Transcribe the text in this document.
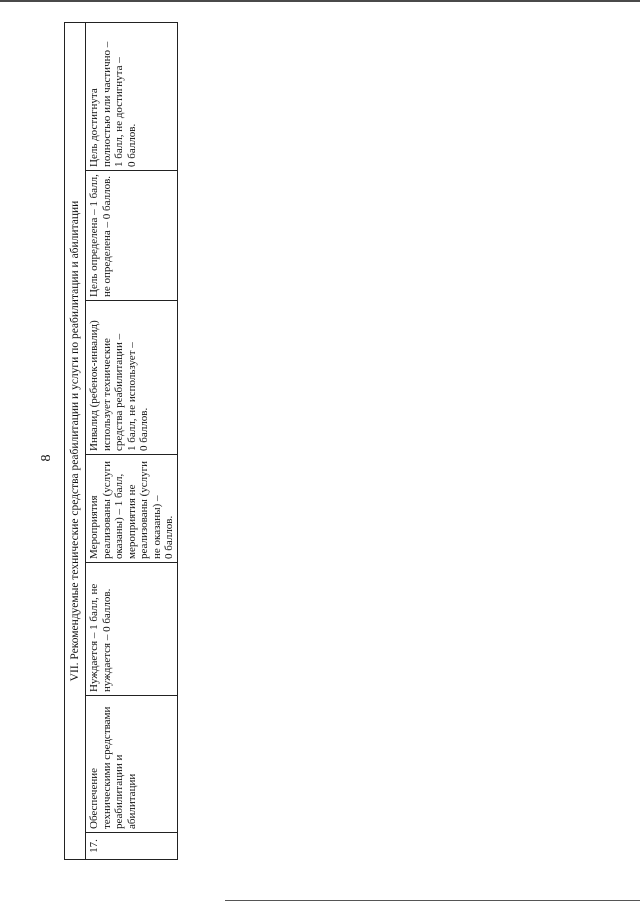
8	VII. Рекомендуемые технические средства реабилитации и услуги по реабилитации и абилитации
17.
Обеспечение
техническими средствами
реабилитации и
абилитации
Нуждается – 1 балл, не
нуждается – 0 баллов.
Мероприятия
реализованы (услуги
оказаны) – 1 балл,
мероприятия не
реализованы (услуги
не оказаны) –
0 баллов.
Инвалид (ребенок-инвалид)
использует технические
средства реабилитации –
1 балл, не использует –
0 баллов.
Цель определена – 1 балл,
не определена – 0 баллов.
Цель достигнута
полностью или частично –
1 балл, не достигнута –
0 баллов.
